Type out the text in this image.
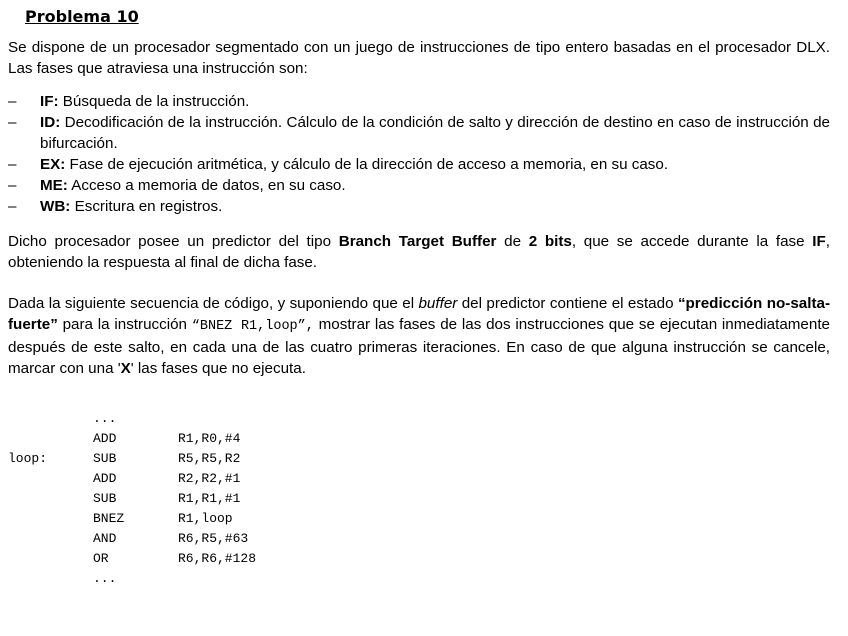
Problema 10

Se dispone de un procesador segmentado con un juego de instrucciones de tipo entero basadas en el procesador DLX. Las fases que atraviesa una instrucción son:

– IF: Búsqueda de la instrucción.
– ID: Decodificación de la instrucción. Cálculo de la condición de salto y dirección de destino en caso de instrucción de bifurcación.
– EX: Fase de ejecución aritmética, y cálculo de la dirección de acceso a memoria, en su caso.
– ME: Acceso a memoria de datos, en su caso.
– WB: Escritura en registros.

Dicho procesador posee un predictor del tipo Branch Target Buffer de 2 bits, que se accede durante la fase IF, obteniendo la respuesta al final de dicha fase.

Dada la siguiente secuencia de código, y suponiendo que el buffer del predictor contiene el estado “predicción no-salta-fuerte” para la instrucción “BNEZ R1,loop”, mostrar las fases de las dos instrucciones que se ejecutan inmediatamente después de este salto, en cada una de las cuatro primeras iteraciones. En caso de que alguna instrucción se cancele, marcar con una 'X' las fases que no ejecuta.

...
ADD	R1,R0,#4
loop:	SUB	R5,R5,R2
ADD	R2,R2,#1
SUB	R1,R1,#1
BNEZ	R1,loop
AND	R6,R5,#63
OR	R6,R6,#128
...
